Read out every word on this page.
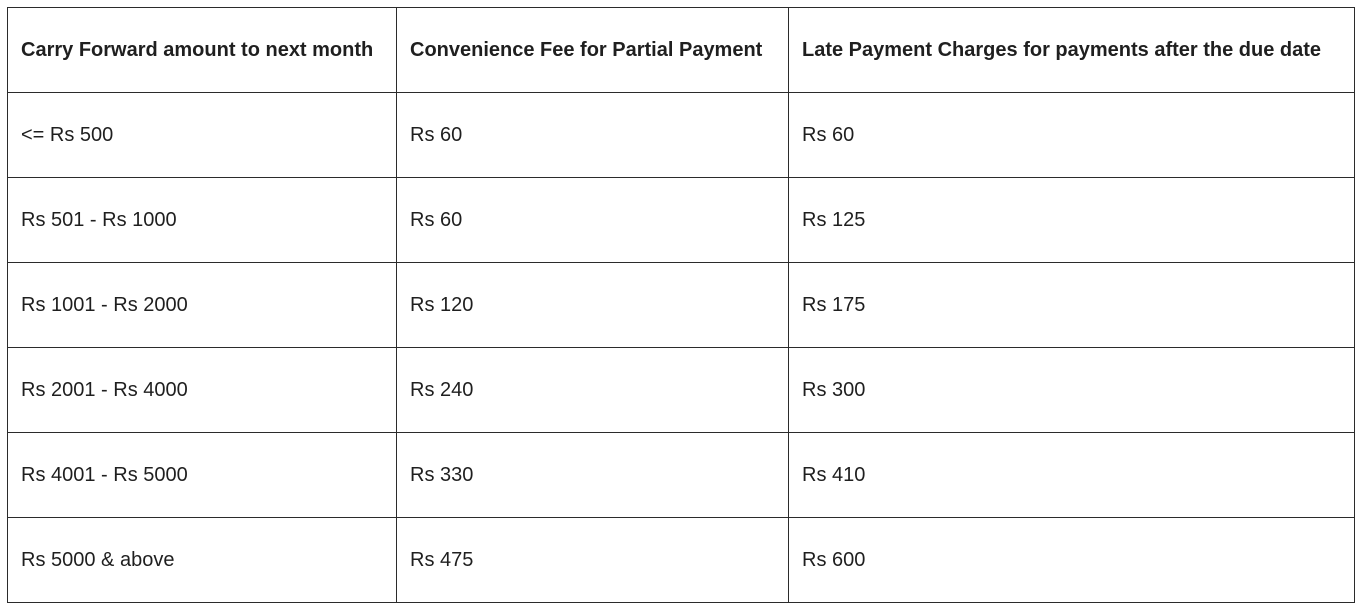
Carry Forward amount to next month	Convenience Fee for Partial Payment	Late Payment Charges for payments after the due date
<= Rs 500	Rs 60	Rs 60
Rs 501 - Rs 1000	Rs 60	Rs 125
Rs 1001 - Rs 2000	Rs 120	Rs 175
Rs 2001 - Rs 4000	Rs 240	Rs 300
Rs 4001 - Rs 5000	Rs 330	Rs 410
Rs 5000 & above	Rs 475	Rs 600
